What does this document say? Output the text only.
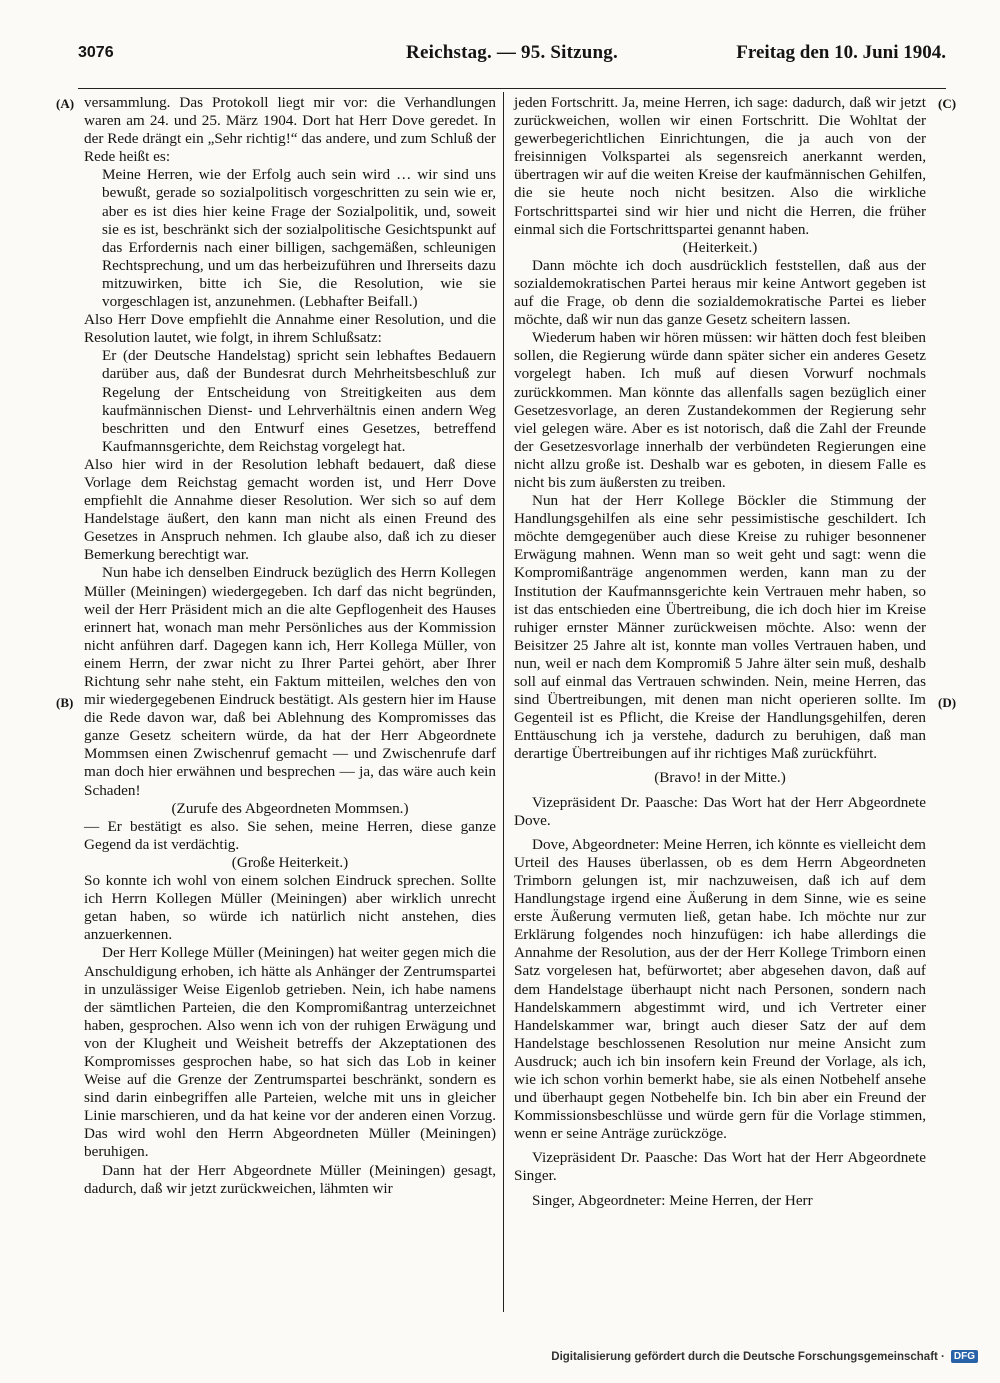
3076	Reichstag. — 95. Sitzung.	Freitag den 10. Juni 1904.
(A)
(B)
(C)
(D)

versammlung. Das Protokoll liegt mir vor: die Verhandlungen waren am 24. und 25. März 1904. Dort hat Herr Dove geredet. In der Rede drängt ein „Sehr richtig!“ das andere, und zum Schluß der Rede heißt es:

Meine Herren, wie der Erfolg auch sein wird … wir sind uns bewußt, gerade so sozialpolitisch vorgeschritten zu sein wie er, aber es ist dies hier keine Frage der Sozialpolitik, und, soweit sie es ist, beschränkt sich der sozialpolitische Gesichtspunkt auf das Erfordernis nach einer billigen, sachgemäßen, schleunigen Rechtsprechung, und um das herbeizuführen und Ihrerseits dazu mitzuwirken, bitte ich Sie, die Resolution, wie sie vorgeschlagen ist, anzunehmen. (Lebhafter Beifall.)

Also Herr Dove empfiehlt die Annahme einer Resolution, und die Resolution lautet, wie folgt, in ihrem Schlußsatz:

Er (der Deutsche Handelstag) spricht sein lebhaftes Bedauern darüber aus, daß der Bundesrat durch Mehrheitsbeschluß zur Regelung der Entscheidung von Streitigkeiten aus dem kaufmännischen Dienst- und Lehrverhältnis einen andern Weg beschritten und den Entwurf eines Gesetzes, betreffend Kaufmannsgerichte, dem Reichstag vorgelegt hat.

Also hier wird in der Resolution lebhaft bedauert, daß diese Vorlage dem Reichstag gemacht worden ist, und Herr Dove empfiehlt die Annahme dieser Resolution. Wer sich so auf dem Handelstage äußert, den kann man nicht als einen Freund des Gesetzes in Anspruch nehmen. Ich glaube also, daß ich zu dieser Bemerkung berechtigt war.

Nun habe ich denselben Eindruck bezüglich des Herrn Kollegen Müller (Meiningen) wiedergegeben. Ich darf das nicht begründen, weil der Herr Präsident mich an die alte Gepflogenheit des Hauses erinnert hat, wonach man mehr Persönliches aus der Kommission nicht anführen darf. Dagegen kann ich, Herr Kollega Müller, von einem Herrn, der zwar nicht zu Ihrer Partei gehört, aber Ihrer Richtung sehr nahe steht, ein Faktum mitteilen, welches den von mir wiedergegebenen Eindruck bestätigt. Als gestern hier im Hause die Rede davon war, daß bei Ablehnung des Kompromisses das ganze Gesetz scheitern würde, da hat der Herr Abgeordnete Mommsen einen Zwischenruf gemacht — und Zwischenrufe darf man doch hier erwähnen und besprechen — ja, das wäre auch kein Schaden!

(Zurufe des Abgeordneten Mommsen.)

— Er bestätigt es also. Sie sehen, meine Herren, diese ganze Gegend da ist verdächtig.

(Große Heiterkeit.)

So konnte ich wohl von einem solchen Eindruck sprechen. Sollte ich Herrn Kollegen Müller (Meiningen) aber wirklich unrecht getan haben, so würde ich natürlich nicht anstehen, dies anzuerkennen.

Der Herr Kollege Müller (Meiningen) hat weiter gegen mich die Anschuldigung erhoben, ich hätte als Anhänger der Zentrumspartei in unzulässiger Weise Eigenlob getrieben. Nein, ich habe namens der sämtlichen Parteien, die den Kompromißantrag unterzeichnet haben, gesprochen. Also wenn ich von der ruhigen Erwägung und von der Klugheit und Weisheit betreffs der Akzeptationen des Kompromisses gesprochen habe, so hat sich das Lob in keiner Weise auf die Grenze der Zentrumspartei beschränkt, sondern es sind darin einbegriffen alle Parteien, welche mit uns in gleicher Linie marschieren, und da hat keine vor der anderen einen Vorzug. Das wird wohl den Herrn Abgeordneten Müller (Meiningen) beruhigen.

Dann hat der Herr Abgeordnete Müller (Meiningen) gesagt, dadurch, daß wir jetzt zurückweichen, lähmten wir

jeden Fortschritt. Ja, meine Herren, ich sage: dadurch, daß wir jetzt zurückweichen, wollen wir einen Fortschritt. Die Wohltat der gewerbegerichtlichen Einrichtungen, die ja auch von der freisinnigen Volkspartei als segensreich anerkannt werden, übertragen wir auf die weiten Kreise der kaufmännischen Gehilfen, die sie heute noch nicht besitzen. Also die wirkliche Fortschrittspartei sind wir hier und nicht die Herren, die früher einmal sich die Fortschrittspartei genannt haben.

(Heiterkeit.)

Dann möchte ich doch ausdrücklich feststellen, daß aus der sozialdemokratischen Partei heraus mir keine Antwort gegeben ist auf die Frage, ob denn die sozialdemokratische Partei es lieber möchte, daß wir nun das ganze Gesetz scheitern lassen.

Wiederum haben wir hören müssen: wir hätten doch fest bleiben sollen, die Regierung würde dann später sicher ein anderes Gesetz vorgelegt haben. Ich muß auf diesen Vorwurf nochmals zurückkommen. Man könnte das allenfalls sagen bezüglich einer Gesetzesvorlage, an deren Zustandekommen der Regierung sehr viel gelegen wäre. Aber es ist notorisch, daß die Zahl der Freunde der Gesetzesvorlage innerhalb der verbündeten Regierungen eine nicht allzu große ist. Deshalb war es geboten, in diesem Falle es nicht bis zum äußersten zu treiben.

Nun hat der Herr Kollege Böckler die Stimmung der Handlungsgehilfen als eine sehr pessimistische geschildert. Ich möchte demgegenüber auch diese Kreise zu ruhiger besonnener Erwägung mahnen. Wenn man so weit geht und sagt: wenn die Kompromißanträge angenommen werden, kann man zu der Institution der Kaufmannsgerichte kein Vertrauen mehr haben, so ist das entschieden eine Übertreibung, die ich doch hier im Kreise ruhiger ernster Männer zurückweisen möchte. Also: wenn der Beisitzer 25 Jahre alt ist, konnte man volles Vertrauen haben, und nun, weil er nach dem Kompromiß 5 Jahre älter sein muß, deshalb soll auf einmal das Vertrauen schwinden. Nein, meine Herren, das sind Übertreibungen, mit denen man nicht operieren sollte. Im Gegenteil ist es Pflicht, die Kreise der Handlungsgehilfen, deren Enttäuschung ich ja verstehe, dadurch zu beruhigen, daß man derartige Übertreibungen auf ihr richtiges Maß zurückführt.

(Bravo! in der Mitte.)

Vizepräsident Dr. Paasche: Das Wort hat der Herr Abgeordnete Dove.

Dove, Abgeordneter: Meine Herren, ich könnte es vielleicht dem Urteil des Hauses überlassen, ob es dem Herrn Abgeordneten Trimborn gelungen ist, mir nachzuweisen, daß ich auf dem Handlungstage irgend eine Äußerung in dem Sinne, wie es seine erste Äußerung vermuten ließ, getan habe. Ich möchte nur zur Erklärung folgendes noch hinzufügen: ich habe allerdings die Annahme der Resolution, aus der der Herr Kollege Trimborn einen Satz vorgelesen hat, befürwortet; aber abgesehen davon, daß auf dem Handelstage überhaupt nicht nach Personen, sondern nach Handelskammern abgestimmt wird, und ich Vertreter einer Handelskammer war, bringt auch dieser Satz der auf dem Handelstage beschlossenen Resolution nur meine Ansicht zum Ausdruck; auch ich bin insofern kein Freund der Vorlage, als ich, wie ich schon vorhin bemerkt habe, sie als einen Notbehelf ansehe und überhaupt gegen Notbehelfe bin. Ich bin aber ein Freund der Kommissionsbeschlüsse und würde gern für die Vorlage stimmen, wenn er seine Anträge zurückzöge.

Vizepräsident Dr. Paasche: Das Wort hat der Herr Abgeordnete Singer.

Singer, Abgeordneter: Meine Herren, der Herr

Digitalisierung gefördert durch die Deutsche Forschungsgemeinschaft · DFG
